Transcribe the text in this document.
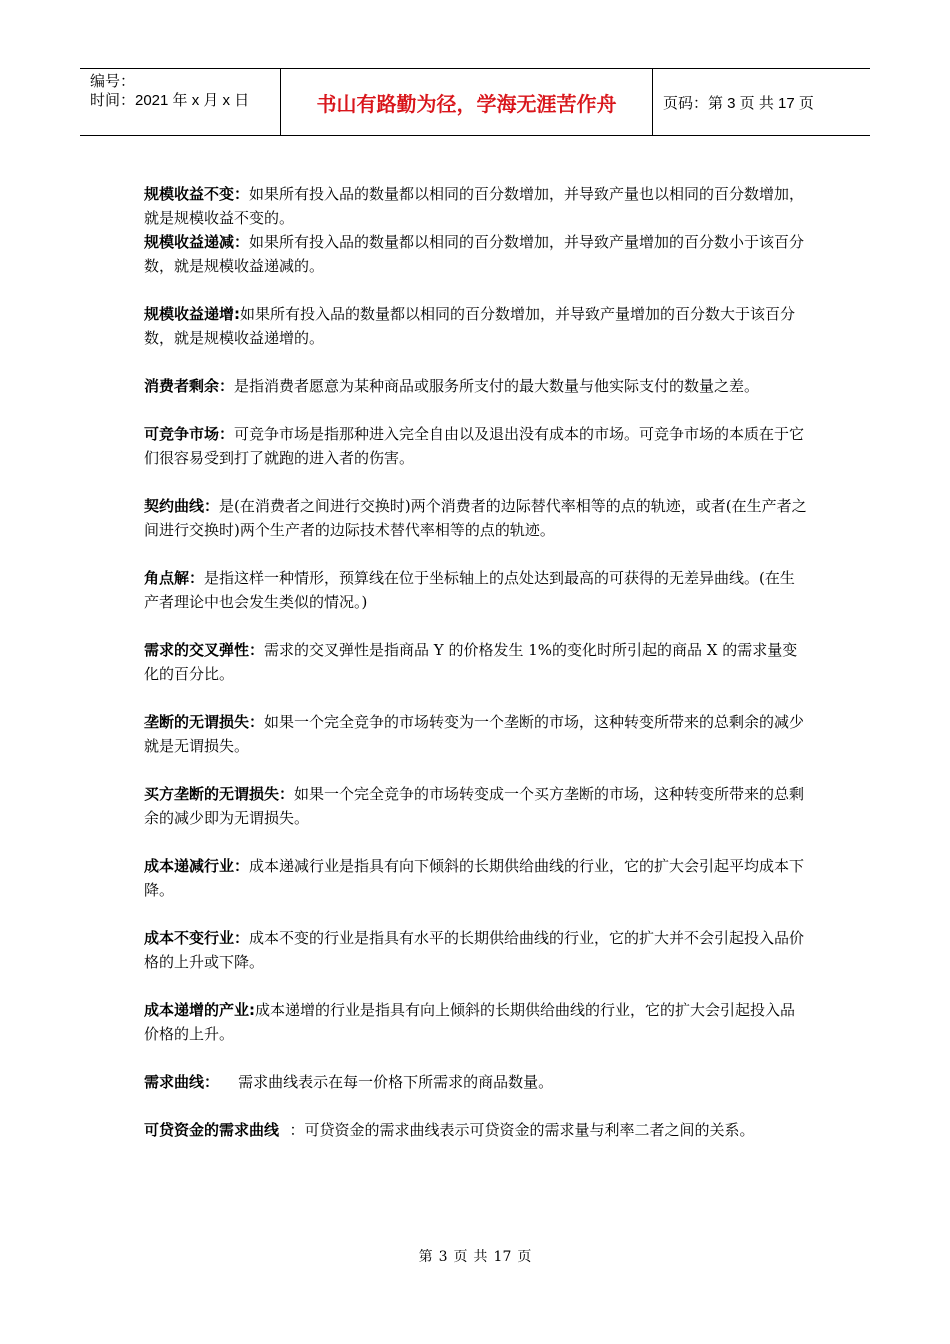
编号：
时间：2021 年 x 月 x 日	书山有路勤为径，学海无涯苦作舟	页码：第 3 页 共 17 页

规模收益不变：如果所有投入品的数量都以相同的百分数增加，并导致产量也以相同的百分数增加，就是规模收益不变的。

规模收益递减：如果所有投入品的数量都以相同的百分数增加，并导致产量增加的百分数小于该百分数，就是规模收益递减的。

规模收益递增:如果所有投入品的数量都以相同的百分数增加，并导致产量增加的百分数大于该百分数，就是规模收益递增的。

消费者剩余：是指消费者愿意为某种商品或服务所支付的最大数量与他实际支付的数量之差。

可竞争市场：可竞争市场是指那种进入完全自由以及退出没有成本的市场。可竞争市场的本质在于它们很容易受到打了就跑的进入者的伤害。

契约曲线：是(在消费者之间进行交换时)两个消费者的边际替代率相等的点的轨迹，或者(在生产者之间进行交换时)两个生产者的边际技术替代率相等的点的轨迹。

角点解：是指这样一种情形，预算线在位于坐标轴上的点处达到最高的可获得的无差异曲线。(在生产者理论中也会发生类似的情况。)

需求的交叉弹性：需求的交叉弹性是指商品 Y 的价格发生 1%的变化时所引起的商品 X 的需求量变化的百分比。

垄断的无谓损失：如果一个完全竞争的市场转变为一个垄断的市场，这种转变所带来的总剩余的减少就是无谓损失。

买方垄断的无谓损失：如果一个完全竞争的市场转变成一个买方垄断的市场，这种转变所带来的总剩余的减少即为无谓损失。

成本递减行业：成本递减行业是指具有向下倾斜的长期供给曲线的行业，它的扩大会引起平均成本下降。

成本不变行业：成本不变的行业是指具有水平的长期供给曲线的行业，它的扩大并不会引起投入品价格的上升或下降。

成本递增的产业:成本递增的行业是指具有向上倾斜的长期供给曲线的行业，它的扩大会引起投入品价格的上升。

需求曲线：    需求曲线表示在每一价格下所需求的商品数量。

可贷资金的需求曲线  ：可贷资金的需求曲线表示可贷资金的需求量与利率二者之间的关系。

第 3 页 共 17 页
